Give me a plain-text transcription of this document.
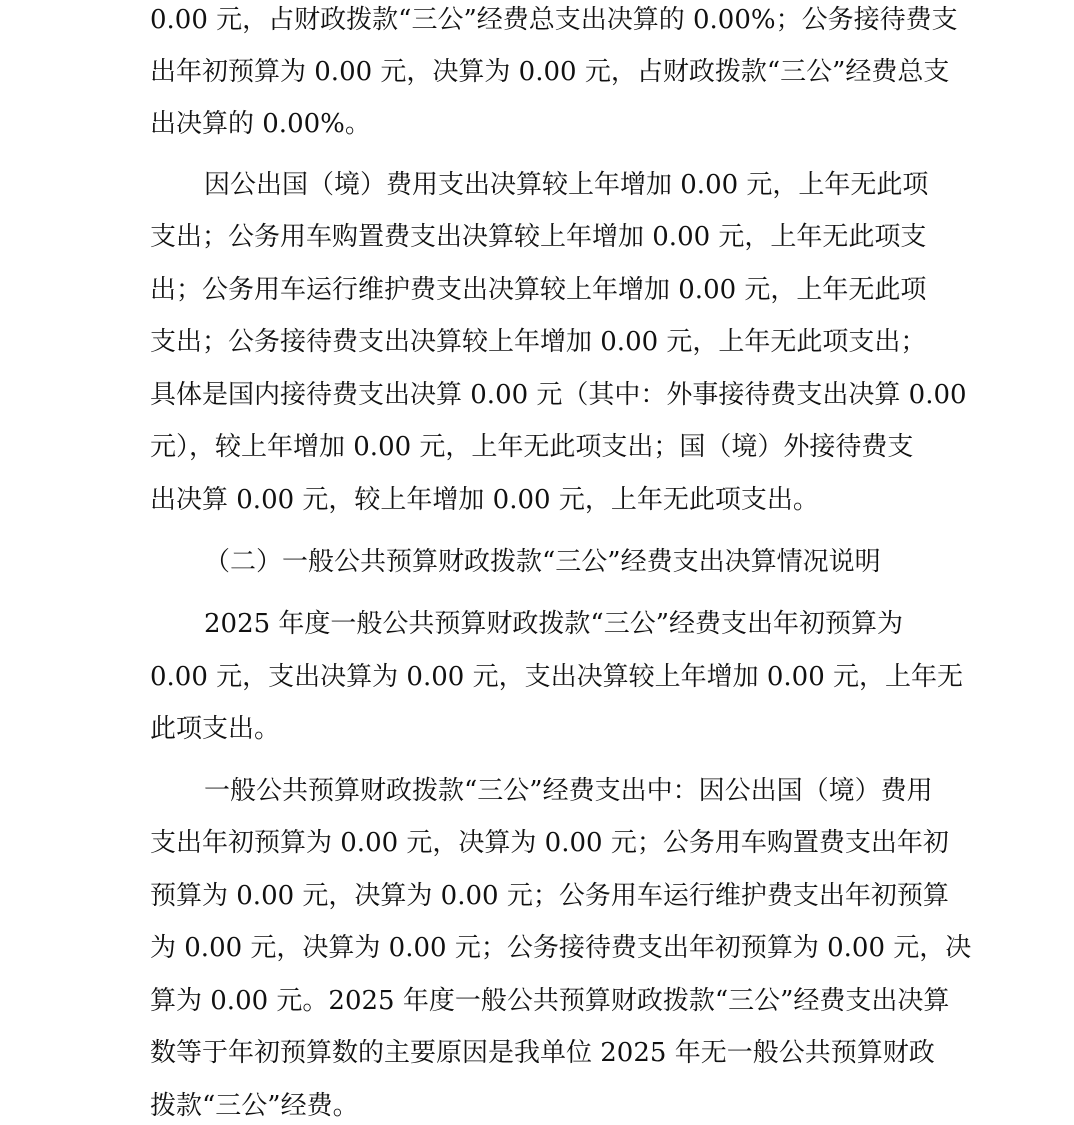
0.00 元，占财政拨款“三公”经费总支出决算的 0.00%；公务接待费支

出年初预算为 0.00 元，决算为 0.00 元，占财政拨款“三公”经费总支

出决算的 0.00%。

因公出国（境）费用支出决算较上年增加 0.00 元，上年无此项

支出；公务用车购置费支出决算较上年增加 0.00 元，上年无此项支

出；公务用车运行维护费支出决算较上年增加 0.00 元，上年无此项

支出；公务接待费支出决算较上年增加 0.00 元，上年无此项支出；

具体是国内接待费支出决算 0.00 元（其中：外事接待费支出决算 0.00

元），较上年增加 0.00 元，上年无此项支出；国（境）外接待费支

出决算 0.00 元，较上年增加 0.00 元，上年无此项支出。

（二）一般公共预算财政拨款“三公”经费支出决算情况说明

2025 年度一般公共预算财政拨款“三公”经费支出年初预算为

0.00 元，支出决算为 0.00 元，支出决算较上年增加 0.00 元，上年无

此项支出。

一般公共预算财政拨款“三公”经费支出中：因公出国（境）费用

支出年初预算为 0.00 元，决算为 0.00 元；公务用车购置费支出年初

预算为 0.00 元，决算为 0.00 元；公务用车运行维护费支出年初预算

为 0.00 元，决算为 0.00 元；公务接待费支出年初预算为 0.00 元，决

算为 0.00 元。2025 年度一般公共预算财政拨款“三公”经费支出决算

数等于年初预算数的主要原因是我单位 2025 年无一般公共预算财政

拨款“三公”经费。
